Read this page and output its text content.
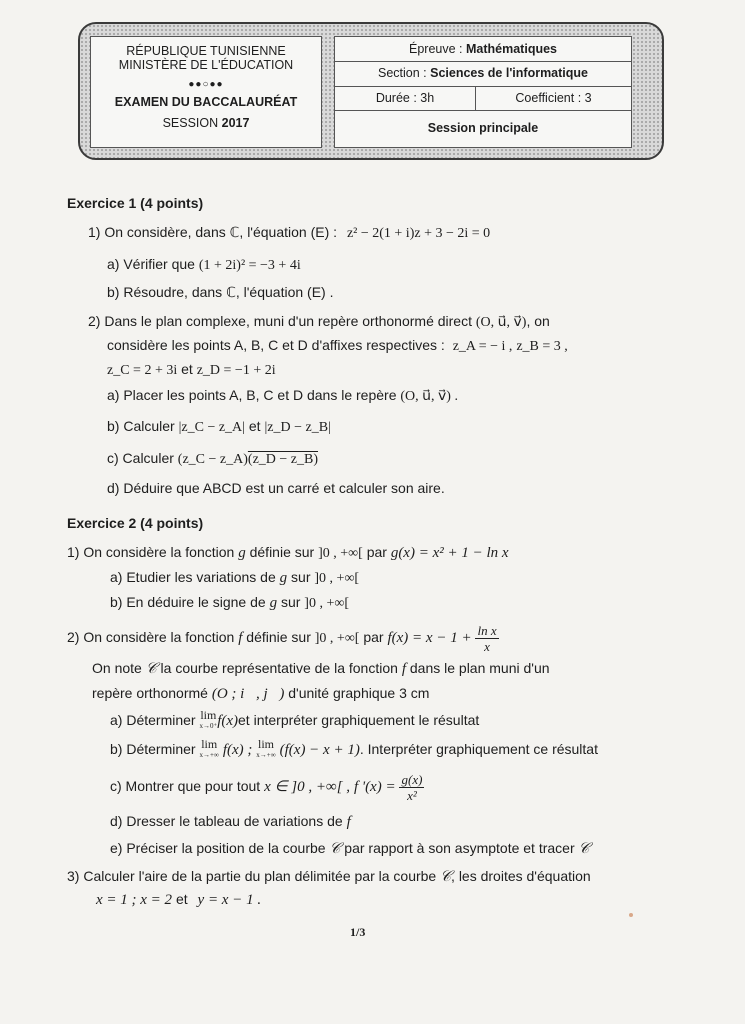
RÉPUBLIQUE TUNISIENNE
MINISTÈRE DE L'ÉDUCATION
●●○●●
EXAMEN DU BACCALAURÉAT
SESSION 2017
Épreuve : Mathématiques
Section : Sciences de l'informatique
Durée : 3h	Coefficient : 3
Session principale
Exercice 1 (4 points)
1) On considère, dans ℂ, l'équation (E) : z² − 2(1 + i)z + 3 − 2i = 0
a) Vérifier que (1 + 2i)² = −3 + 4i
b) Résoudre, dans ℂ, l'équation (E) .
2) Dans le plan complexe, muni d'un repère orthonormé direct (O, u⃗, v⃗), on
considère les points A, B, C et D d'affixes respectives : z_A = − i , z_B = 3 ,
z_C = 2 + 3i et z_D = −1 + 2i
a) Placer les points A, B, C et D dans le repère (O, u⃗, v⃗) .
b) Calculer |z_C − z_A| et |z_D − z_B|
c) Calculer (z_C − z_A)(z_D − z_B)
d) Déduire que ABCD est un carré et calculer son aire.
Exercice 2 (4 points)
1) On considère la fonction g définie sur ]0 , +∞[ par g(x) = x² + 1 − ln x
a) Etudier les variations de g sur ]0 , +∞[
b) En déduire le signe de g sur ]0 , +∞[
2) On considère la fonction f définie sur ]0 , +∞[ par $f(x) = x - 1 + \frac{\text{ln x}}{x}$
On note 𝒞 la courbe représentative de la fonction f dans le plan muni d'un
repère orthonormé (O ; i⃗, j⃗) d'unité graphique 3 cm
a) Déterminer lim
x→0⁺ f(x)et interpréter graphiquement le résultat
b) Déterminer lim
x→+∞ f(x) ; lim
x→+∞ (f(x) − x + 1). Interpréter graphiquement ce résultat
c) Montrer que pour tout x ∈ ]0 , +∞[ , f '$(x) = \frac{g(x)}{\text{x²}}$
d) Dresser le tableau de variations de f
e) Préciser la position de la courbe 𝒞 par rapport à son asymptote et tracer 𝒞
3) Calculer l'aire de la partie du plan délimitée par la courbe 𝒞, les droites d'équation
x = 1 ; x = 2 et y = x − 1 .
1/3
